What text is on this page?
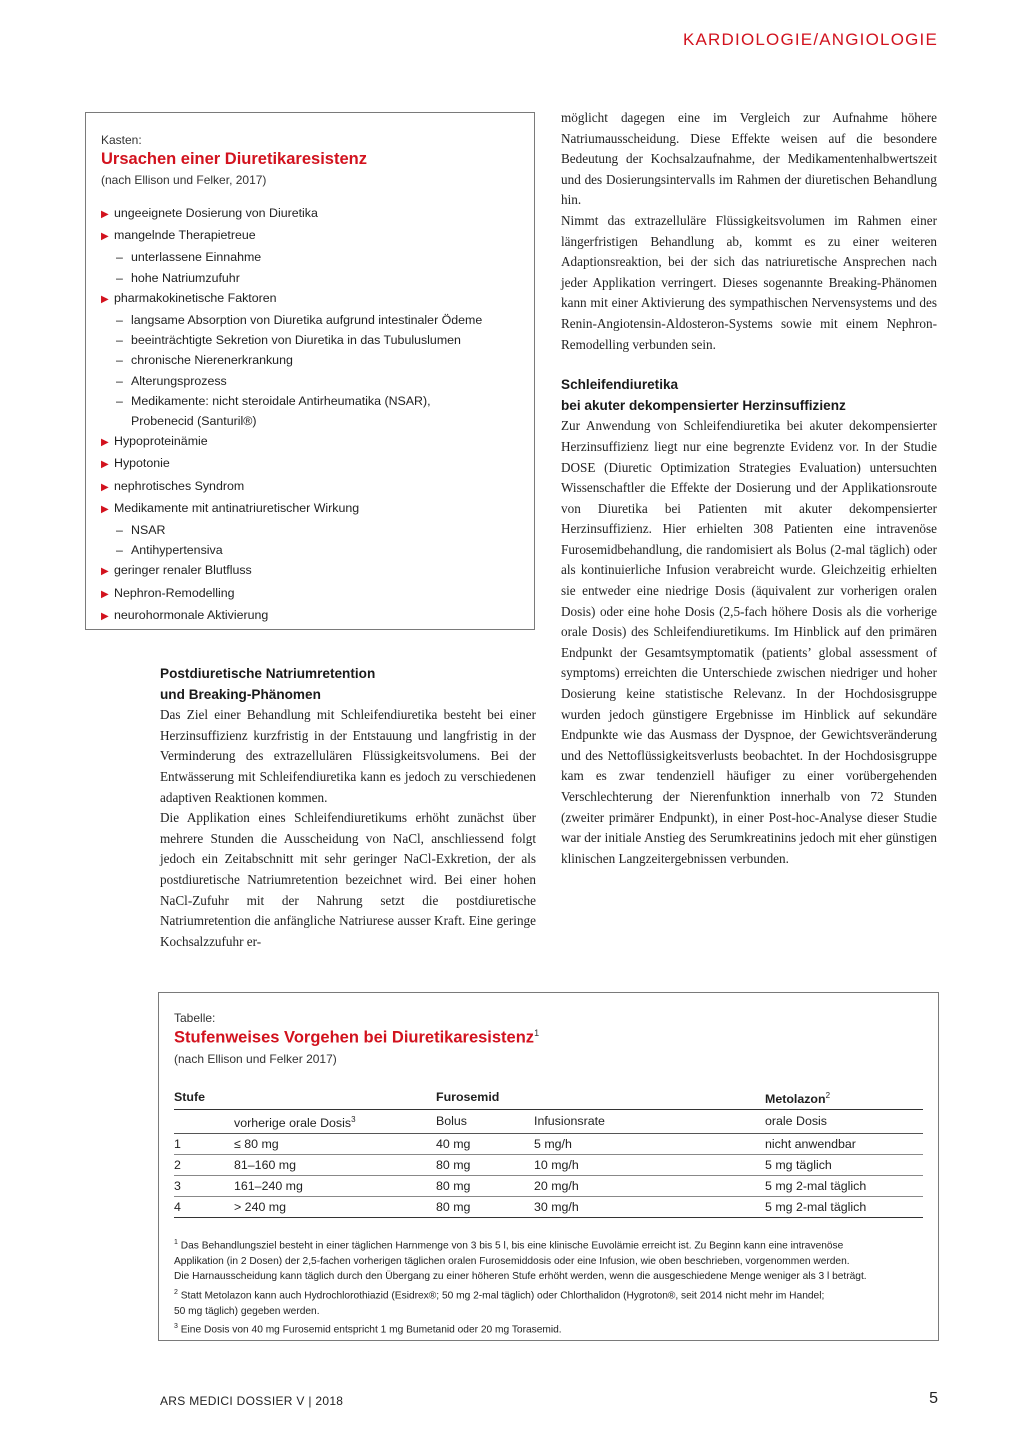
KARDIOLOGIE/ANGIOLOGIE
Kasten:
Ursachen einer Diuretikaresistenz
(nach Ellison und Felker, 2017)
▶ ungeeignete Dosierung von Diuretika
▶ mangelnde Therapietreue
– unterlassene Einnahme
– hohe Natriumzufuhr
▶ pharmakokinetische Faktoren
– langsame Absorption von Diuretika aufgrund intestinaler Ödeme
– beeinträchtigte Sekretion von Diuretika in das Tubuluslumen
– chronische Nierenerkrankung
– Alterungsprozess
– Medikamente: nicht steroidale Antirheumatika (NSAR),
Probenecid (Santuril®)
▶ Hypoproteinämie
▶ Hypotonie
▶ nephrotisches Syndrom
▶ Medikamente mit antinatriuretischer Wirkung
– NSAR
– Antihypertensiva
▶ geringer renaler Blutfluss
▶ Nephron-Remodelling
▶ neurohormonale Aktivierung
Postdiuretische Natriumretention
und Breaking-Phänomen

Das Ziel einer Behandlung mit Schleifendiuretika besteht bei einer Herzinsuffizienz kurzfristig in der Entstauung und langfristig in der Verminderung des extrazellulären Flüssigkeitsvolumens. Bei der Entwässerung mit Schleifendiuretika kann es jedoch zu verschiedenen adaptiven Reaktionen kommen.

Die Applikation eines Schleifendiuretikums erhöht zunächst über mehrere Stunden die Ausscheidung von NaCl, anschliessend folgt jedoch ein Zeitabschnitt mit sehr geringer NaCl-Exkretion, der als postdiuretische Natriumretention bezeichnet wird. Bei einer hohen NaCl-Zufuhr mit der Nahrung setzt die postdiuretische Natriumretention die anfängliche Natriurese ausser Kraft. Eine geringe Kochsalzzufuhr er-

möglicht dagegen eine im Vergleich zur Aufnahme höhere Natriumausscheidung. Diese Effekte weisen auf die besondere Bedeutung der Kochsalzaufnahme, der Medikamentenhalbwertszeit und des Dosierungsintervalls im Rahmen der diuretischen Behandlung hin.

Nimmt das extrazelluläre Flüssigkeitsvolumen im Rahmen einer längerfristigen Behandlung ab, kommt es zu einer weiteren Adaptionsreaktion, bei der sich das natriuretische Ansprechen nach jeder Applikation verringert. Dieses sogenannte Breaking-Phänomen kann mit einer Aktivierung des sympathischen Nervensystems und des Renin-Angiotensin-Aldosteron-Systems sowie mit einem Nephron-Remodelling verbunden sein.

Schleifendiuretika
bei akuter dekompensierter Herzinsuffizienz

Zur Anwendung von Schleifendiuretika bei akuter dekompensierter Herzinsuffizienz liegt nur eine begrenzte Evidenz vor. In der Studie DOSE (Diuretic Optimization Strategies Evaluation) untersuchten Wissenschaftler die Effekte der Dosierung und der Applikationsroute von Diuretika bei Patienten mit akuter dekompensierter Herzinsuffizienz. Hier erhielten 308 Patienten eine intravenöse Furosemidbehandlung, die randomisiert als Bolus (2-mal täglich) oder als kontinuierliche Infusion verabreicht wurde. Gleichzeitig erhielten sie entweder eine niedrige Dosis (äquivalent zur vorherigen oralen Dosis) oder eine hohe Dosis (2,5-fach höhere Dosis als die vorherige orale Dosis) des Schleifendiuretikums. Im Hinblick auf den primären Endpunkt der Gesamtsymptomatik (patients’ global assessment of symptoms) erreichten die Unterschiede zwischen niedriger und hoher Dosierung keine statistische Relevanz. In der Hochdosisgruppe wurden jedoch günstigere Ergebnisse im Hinblick auf sekundäre Endpunkte wie das Ausmass der Dyspnoe, der Gewichtsveränderung und des Nettoflüssigkeitsverlusts beobachtet. In der Hochdosisgruppe kam es zwar tendenziell häufiger zu einer vorübergehenden Verschlechterung der Nierenfunktion innerhalb von 72 Stunden (zweiter primärer Endpunkt), in einer Post-hoc-Analyse dieser Studie war der initiale Anstieg des Serumkreatinins jedoch mit eher günstigen klinischen Langzeitergebnissen verbunden.

Tabelle:
Stufenweises Vorgehen bei Diuretikaresistenz$^1$
(nach Ellison und Felker 2017)
Stufe		Furosemid		Metolazon$^2$
	vorherige orale Dosis$^3$	Bolus	Infusionsrate	orale Dosis
1	≤ 80 mg	40 mg	5 mg/h	nicht anwendbar
2	81–160 mg	80 mg	10 mg/h	5 mg täglich
3	161–240 mg	80 mg	20 mg/h	5 mg 2-mal täglich
4	> 240 mg	80 mg	30 mg/h	5 mg 2-mal täglich
$^1$ Das Behandlungsziel besteht in einer täglichen Harnmenge von 3 bis 5 l, bis eine klinische Euvolämie erreicht ist. Zu Beginn kann eine intravenöse
Applikation (in 2 Dosen) der 2,5-fachen vorherigen täglichen oralen Furosemiddosis oder eine Infusion, wie oben beschrieben, vorgenommen werden.
Die Harnausscheidung kann täglich durch den Übergang zu einer höheren Stufe erhöht werden, wenn die ausgeschiedene Menge weniger als 3 l beträgt.
$^2$ Statt Metolazon kann auch Hydrochlorothiazid (Esidrex®; 50 mg 2-mal täglich) oder Chlorthalidon (Hygroton®, seit 2014 nicht mehr im Handel;
50 mg täglich) gegeben werden.
$^3$ Eine Dosis von 40 mg Furosemid entspricht 1 mg Bumetanid oder 20 mg Torasemid.
ARS MEDICI DOSSIER V | 2018	5
